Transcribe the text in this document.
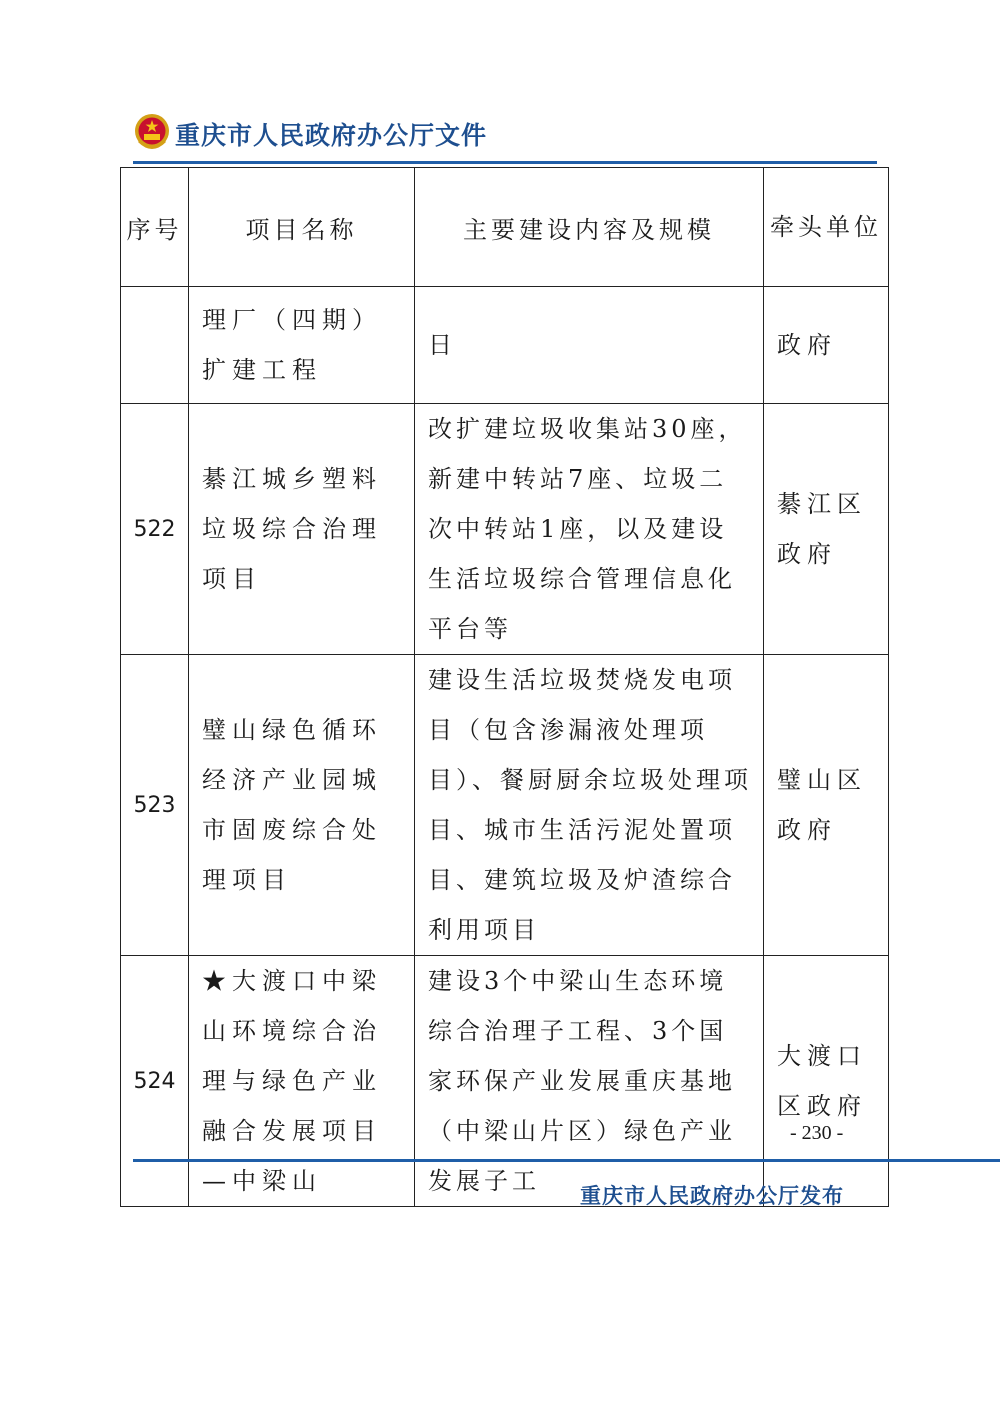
重庆市人民政府办公厅文件
序号	项目名称	主要建设内容及规模	牵头单位
	理厂（四期）扩建工程	日	政府
522	綦江城乡塑料垃圾综合治理项目	改扩建垃圾收集站30座，新建中转站7座、垃圾二次中转站1座，以及建设生活垃圾综合管理信息化平台等	綦江区政府
523	璧山绿色循环经济产业园城市固废综合处理项目	建设生活垃圾焚烧发电项目（包含渗漏液处理项目）、餐厨厨余垃圾处理项目、城市生活污泥处置项目、建筑垃圾及炉渣综合利用项目	璧山区政府
524	★大渡口中梁山环境综合治理与绿色产业融合发展项目—中梁山	建设3个中梁山生态环境综合治理子工程、3个国家环保产业发展重庆基地（中梁山片区）绿色产业发展子工	大渡口区政府
- 230 -
重庆市人民政府办公厅发布
